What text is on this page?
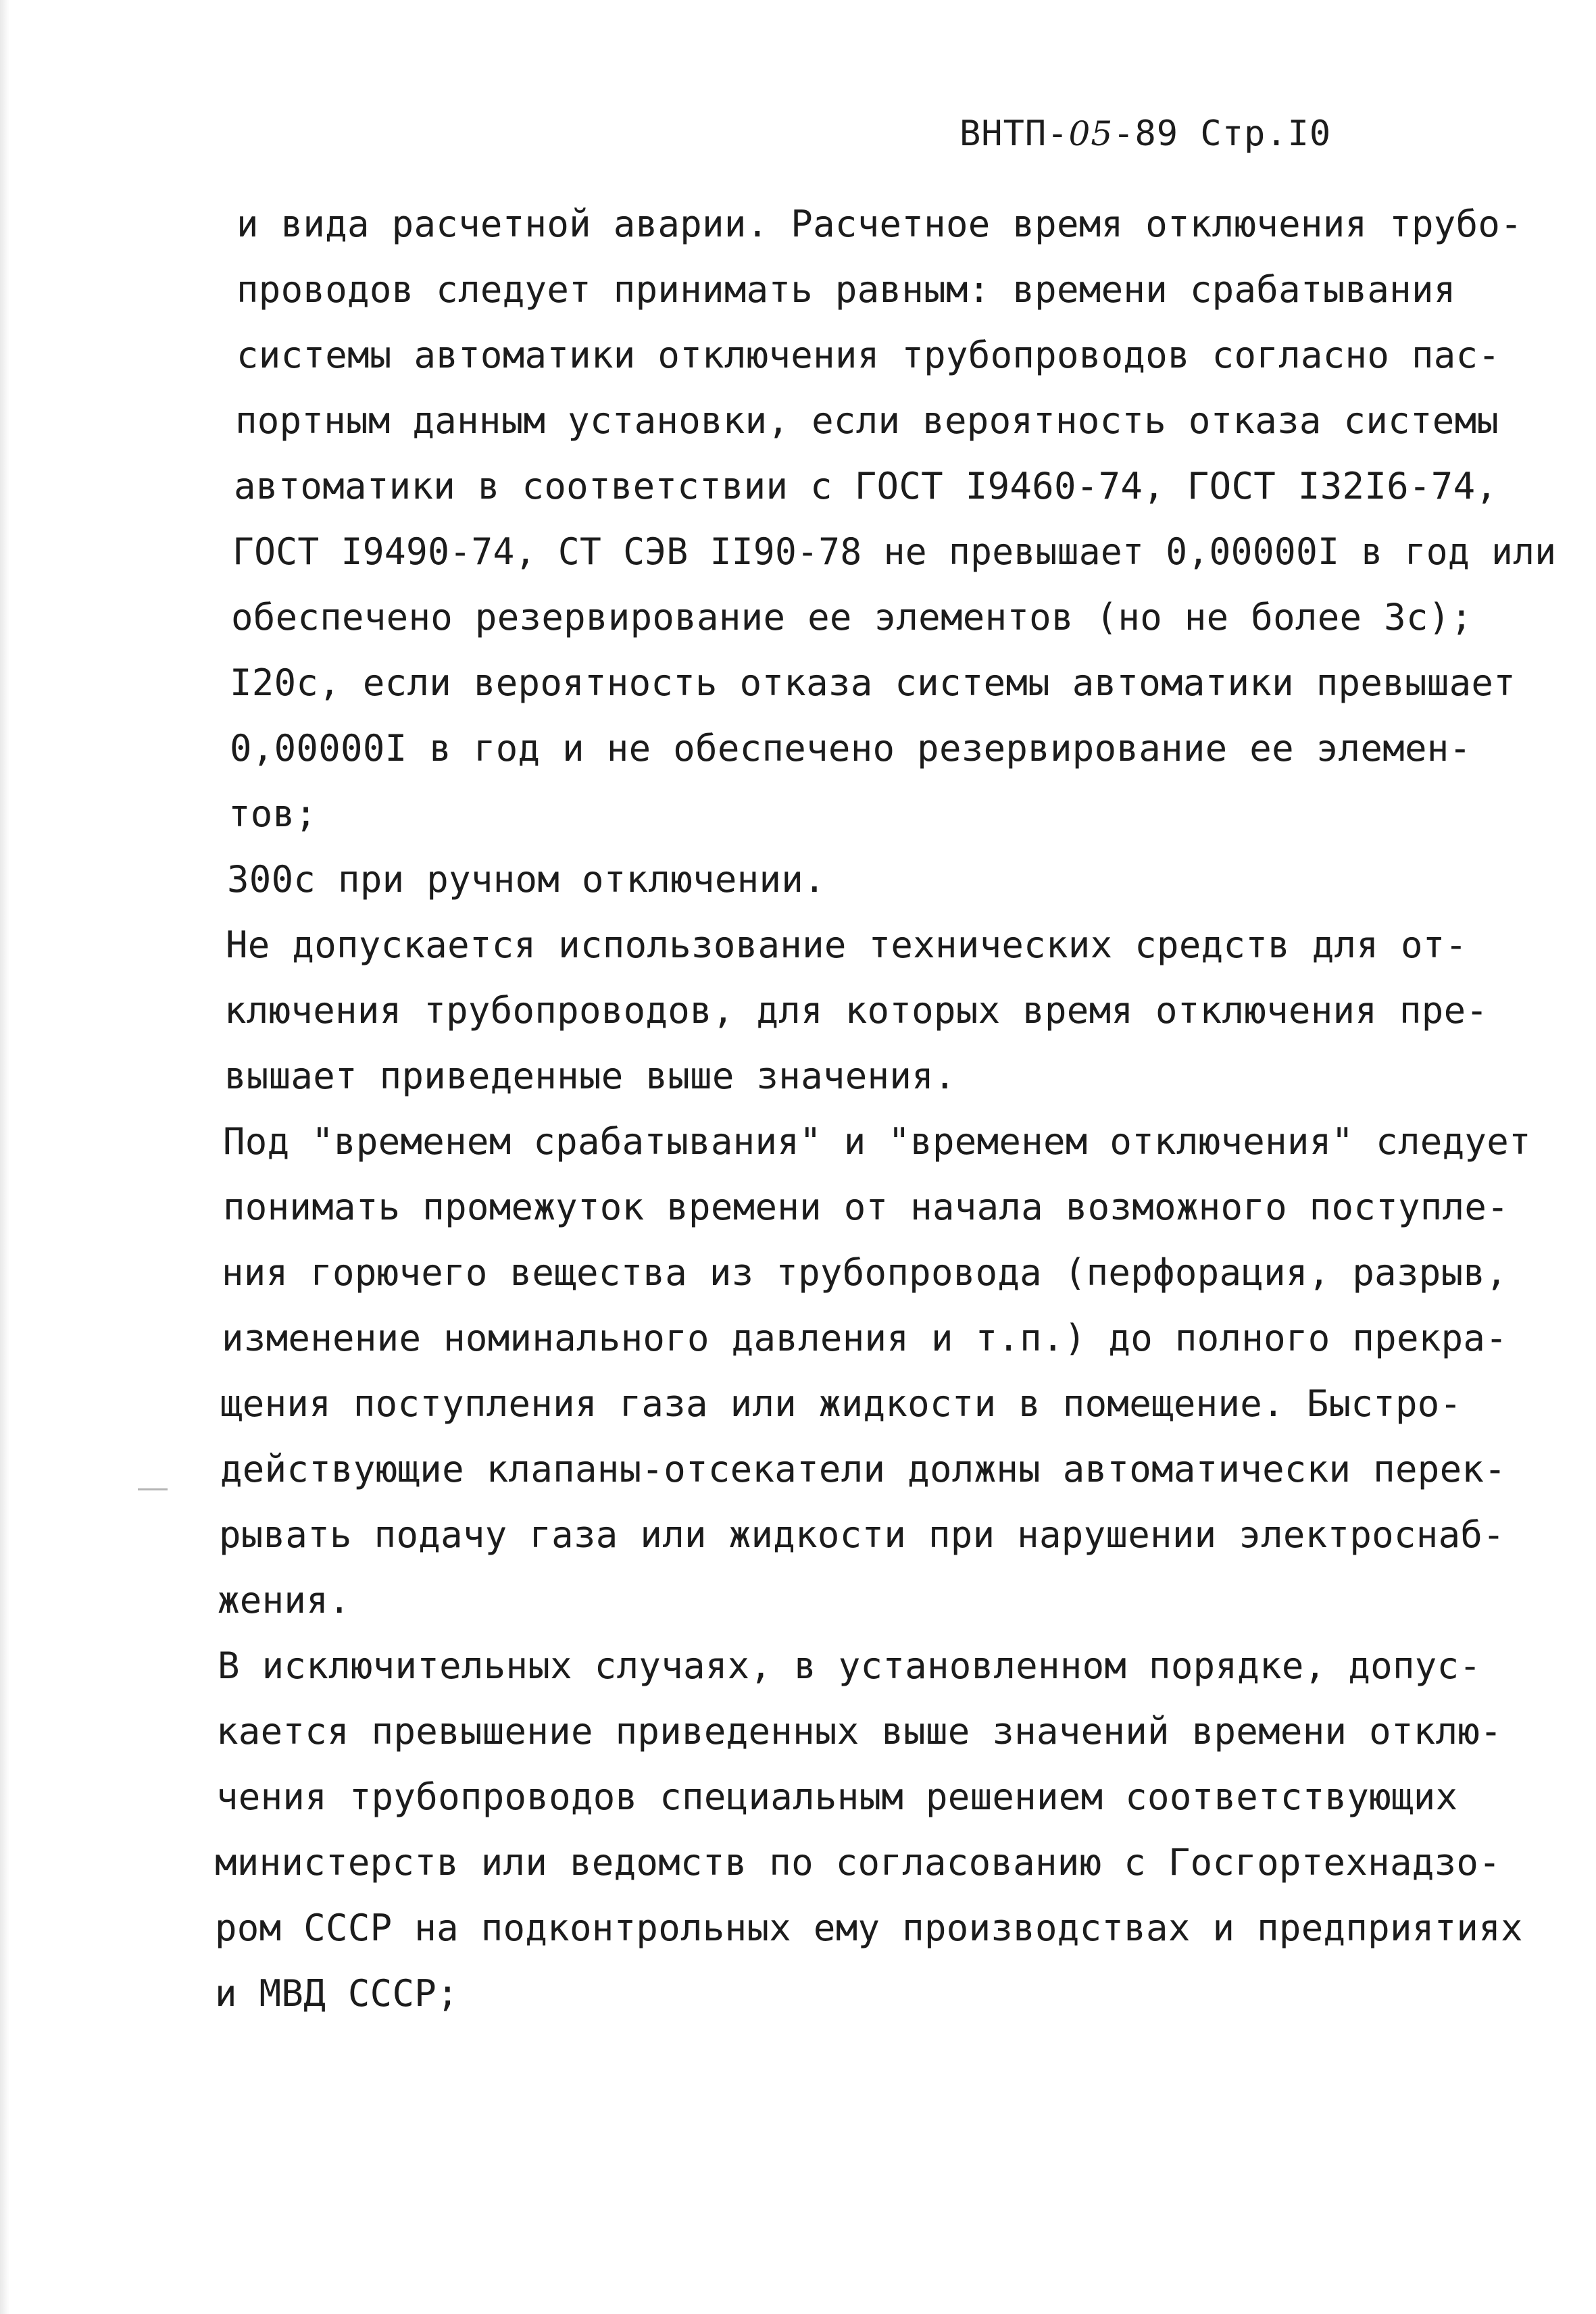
ВНТП-05-89 Стр.I0
и вида расчетной аварии. Расчетное время отключения трубо-
проводов следует принимать равным: времени срабатывания
системы автоматики отключения трубопроводов согласно пас-
портным данным установки, если вероятность отказа системы
автоматики в соответствии с ГОСТ I9460-74, ГОСТ I32I6-74,
ГОСТ I9490-74, СТ СЭВ II90-78 не превышает 0,00000I в год или
обеспечено резервирование ее элементов (но не более 3с);
I20с, если вероятность отказа системы автоматики превышает
0,00000I в год и не обеспечено резервирование ее элемен-
тов;
300с при ручном отключении.
Не допускается использование технических средств для от-
ключения трубопроводов, для которых время отключения пре-
вышает приведенные выше значения.
Под "временем срабатывания" и "временем отключения" следует
понимать промежуток времени от начала возможного поступле-
ния горючего вещества из трубопровода (перфорация, разрыв,
изменение номинального давления и т.п.) до полного прекра-
щения поступления газа или жидкости в помещение. Быстро-
действующие клапаны-отсекатели должны автоматически перек-
рывать подачу газа или жидкости при нарушении электроснаб-
жения.
В исключительных случаях, в установленном порядке, допус-
кается превышение приведенных выше значений времени отклю-
чения трубопроводов специальным решением соответствующих
министерств или ведомств по согласованию с Госгортехнадзо-
ром СССР на подконтрольных ему производствах и предприятиях
и МВД СССР;
